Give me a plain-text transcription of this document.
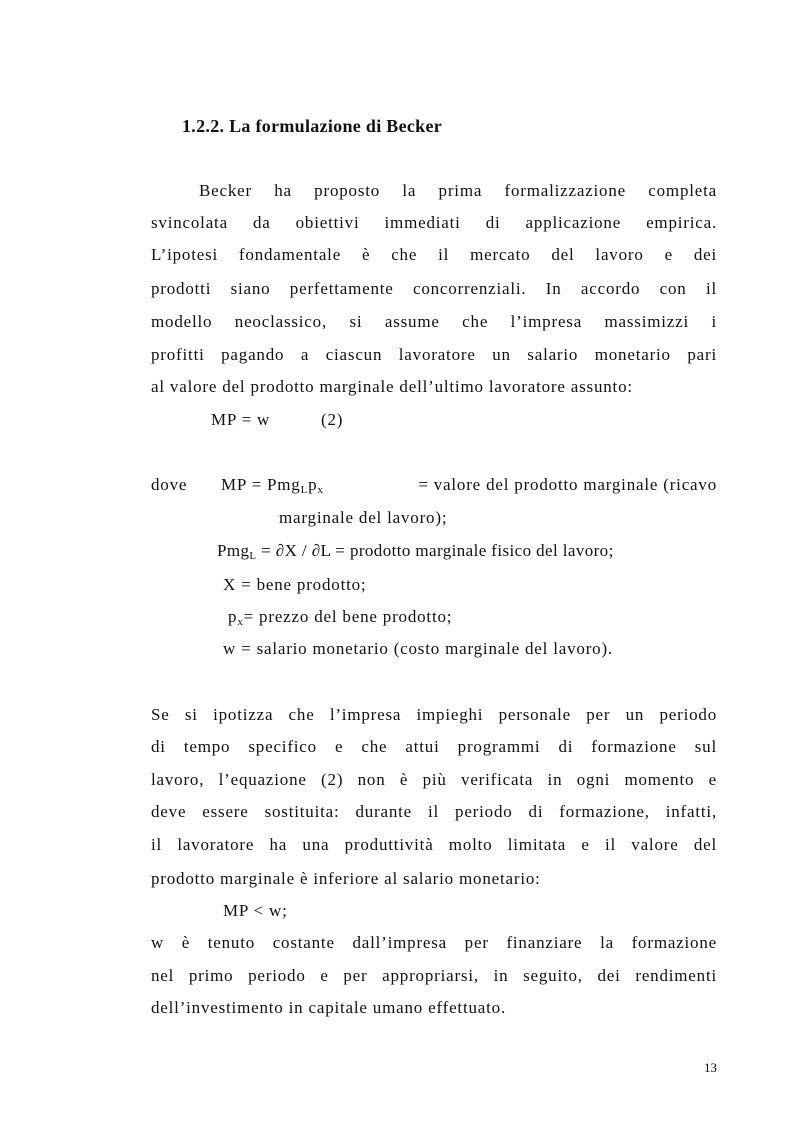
1.2.2. La formulazione di Becker
Becker ha proposto la prima formalizzazione completa
svincolata da obiettivi immediati di applicazione empirica.
L’ipotesi fondamentale è che il mercato del lavoro e dei
prodotti siano perfettamente concorrenziali. In accordo con il
modello neoclassico, si assume che l’impresa massimizzi i
profitti pagando a ciascun lavoratore un salario monetario pari
al valore del prodotto marginale dell’ultimo lavoratore assunto:
MP = w	(2)
dove MP = $Pmg_Lp_x$	= valore del prodotto marginale (ricavo
marginale del lavoro);
Pmg$_L$ = ∂X / ∂L = prodotto marginale fisico del lavoro;
X = bene prodotto;
$p_x=$ prezzo del bene prodotto;
w = salario monetario (costo marginale del lavoro).
Se si ipotizza che l’impresa impieghi personale per un periodo
di tempo specifico e che attui programmi di formazione sul
lavoro, l’equazione (2) non è più verificata in ogni momento e
deve essere sostituita: durante il periodo di formazione, infatti,
il lavoratore ha una produttività molto limitata e il valore del
prodotto marginale è inferiore al salario monetario:
MP < w;
w è tenuto costante dall’impresa per finanziare la formazione
nel primo periodo e per appropriarsi, in seguito, dei rendimenti
dell’investimento in capitale umano effettuato.
13
